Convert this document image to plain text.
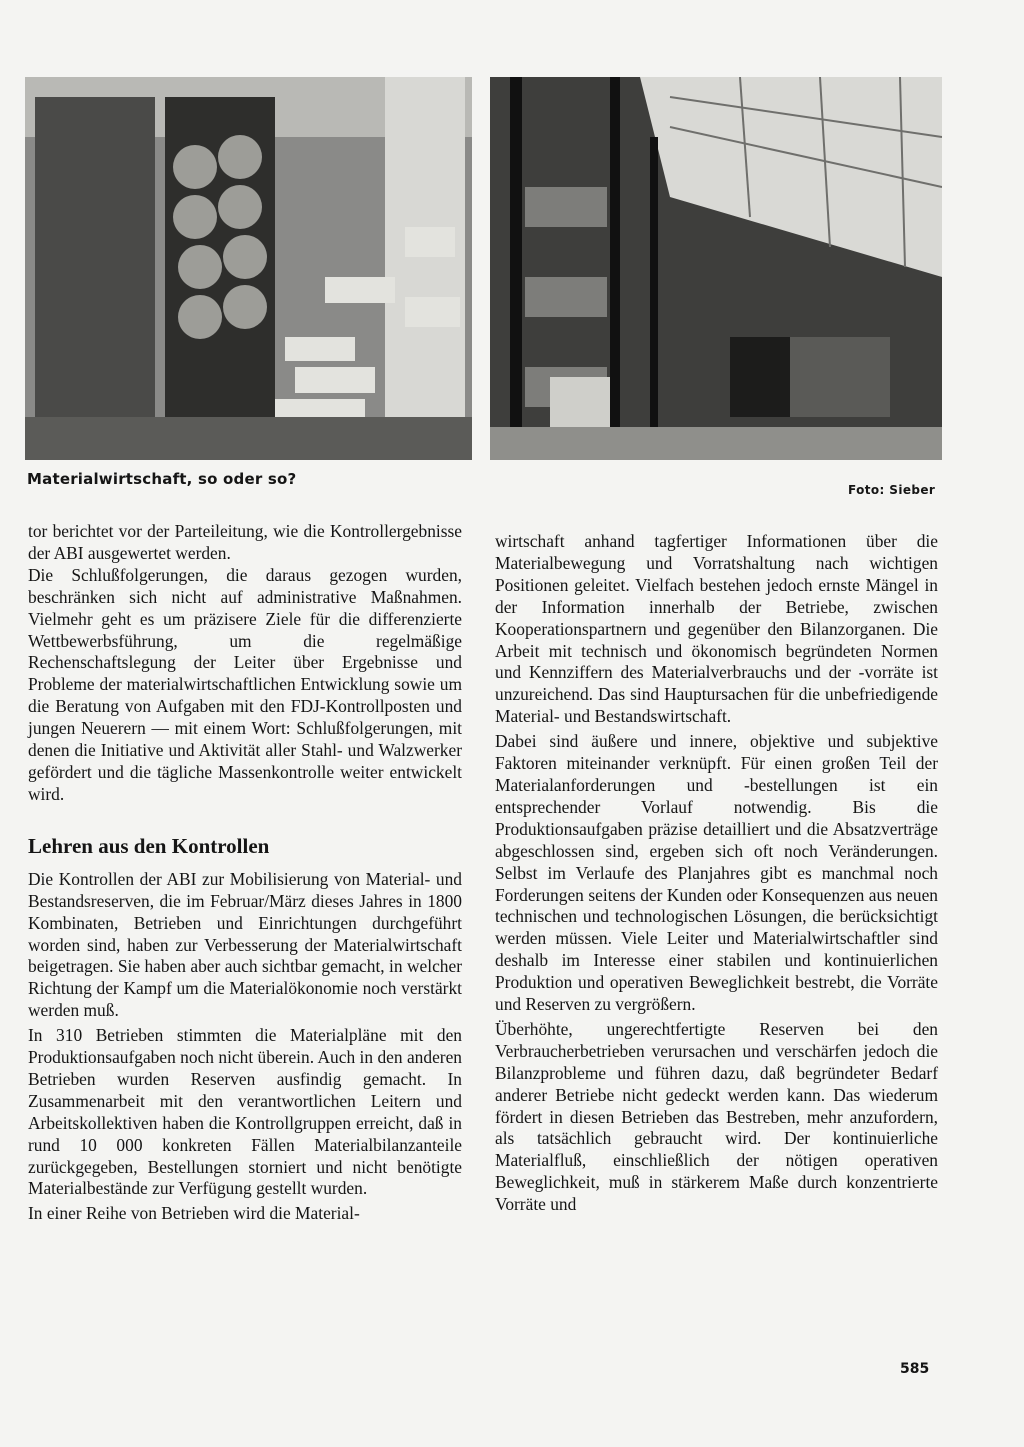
Materialwirtschaft, so oder so?
Foto: Sieber

tor berichtet vor der Parteileitung, wie die Kontrollergebnisse der ABI ausgewertet werden.
Die Schlußfolgerungen, die daraus gezogen wurden, beschränken sich nicht auf administrative Maßnahmen. Vielmehr geht es um präzisere Ziele für die differenzierte Wettbewerbsführung, um die regelmäßige Rechenschaftslegung der Leiter über Ergebnisse und Probleme der materialwirtschaftlichen Entwicklung sowie um die Beratung von Aufgaben mit den FDJ-Kontrollposten und jungen Neuerern — mit einem Wort: Schlußfolgerungen, mit denen die Initiative und Aktivität aller Stahl- und Walzwerker gefördert und die tägliche Massenkontrolle weiter entwickelt wird.

Lehren aus den Kontrollen

Die Kontrollen der ABI zur Mobilisierung von Material- und Bestandsreserven, die im Februar/März dieses Jahres in 1800 Kombinaten, Betrieben und Einrichtungen durchgeführt worden sind, haben zur Verbesserung der Materialwirtschaft beigetragen. Sie haben aber auch sichtbar gemacht, in welcher Richtung der Kampf um die Materialökonomie noch verstärkt werden muß.

In 310 Betrieben stimmten die Materialpläne mit den Produktionsaufgaben noch nicht überein. Auch in den anderen Betrieben wurden Reserven ausfindig gemacht. In Zusammenarbeit mit den verantwortlichen Leitern und Arbeitskollektiven haben die Kontrollgruppen erreicht, daß in rund 10 000 konkreten Fällen Materialbilanzanteile zurückgegeben, Bestellungen storniert und nicht benötigte Materialbestände zur Verfügung gestellt wurden.

In einer Reihe von Betrieben wird die Material-

wirtschaft anhand tagfertiger Informationen über die Materialbewegung und Vorratshaltung nach wichtigen Positionen geleitet. Vielfach bestehen jedoch ernste Mängel in der Information innerhalb der Betriebe, zwischen Kooperationspartnern und gegenüber den Bilanzorganen. Die Arbeit mit technisch und ökonomisch begründeten Normen und Kennziffern des Materialverbrauchs und der -vorräte ist unzureichend. Das sind Hauptursachen für die unbefriedigende Material- und Bestandswirtschaft.

Dabei sind äußere und innere, objektive und subjektive Faktoren miteinander verknüpft. Für einen großen Teil der Materialanforderungen und -bestellungen ist ein entsprechender Vorlauf notwendig. Bis die Produktionsaufgaben präzise detailliert und die Absatzverträge abgeschlossen sind, ergeben sich oft noch Veränderungen. Selbst im Verlaufe des Planjahres gibt es manchmal noch Forderungen seitens der Kunden oder Konsequenzen aus neuen technischen und technologischen Lösungen, die berücksichtigt werden müssen. Viele Leiter und Materialwirtschaftler sind deshalb im Interesse einer stabilen und kontinuierlichen Produktion und operativen Beweglichkeit bestrebt, die Vorräte und Reserven zu vergrößern.

Überhöhte, ungerechtfertigte Reserven bei den Verbraucherbetrieben verursachen und verschärfen jedoch die Bilanzprobleme und führen dazu, daß begründeter Bedarf anderer Betriebe nicht gedeckt werden kann. Das wiederum fördert in diesen Betrieben das Bestreben, mehr anzufordern, als tatsächlich gebraucht wird. Der kontinuierliche Materialfluß, einschließlich der nötigen operativen Beweglichkeit, muß in stärkerem Maße durch konzentrierte Vorräte und

585
